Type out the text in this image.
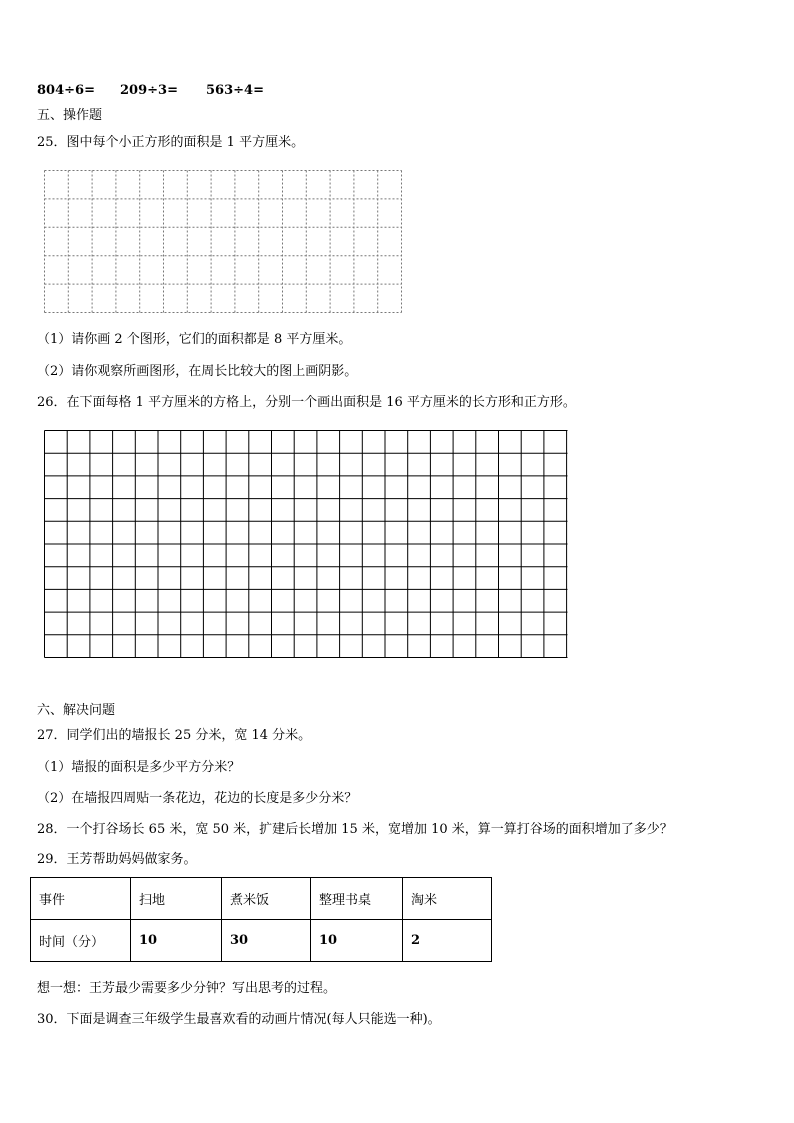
804÷6= 209÷3= 563÷4=
五、操作题
25．图中每个小正方形的面积是 1 平方厘米。
（1）请你画 2 个图形，它们的面积都是 8 平方厘米。
（2）请你观察所画图形，在周长比较大的图上画阴影。
26．在下面每格 1 平方厘米的方格上，分别一个画出面积是 16 平方厘米的长方形和正方形。
六、解决问题
27．同学们出的墙报长 25 分米，宽 14 分米。
（1）墙报的面积是多少平方分米？
（2）在墙报四周贴一条花边，花边的长度是多少分米？
28．一个打谷场长 65 米，宽 50 米，扩建后长增加 15 米，宽增加 10 米，算一算打谷场的面积增加了多少？
29．王芳帮助妈妈做家务。
事件	扫地	煮米饭	整理书桌	淘米
时间（分）	10	30	10	2
想一想：王芳最少需要多少分钟？写出思考的过程。
30．下面是调查三年级学生最喜欢看的动画片情况(每人只能选一种)。
